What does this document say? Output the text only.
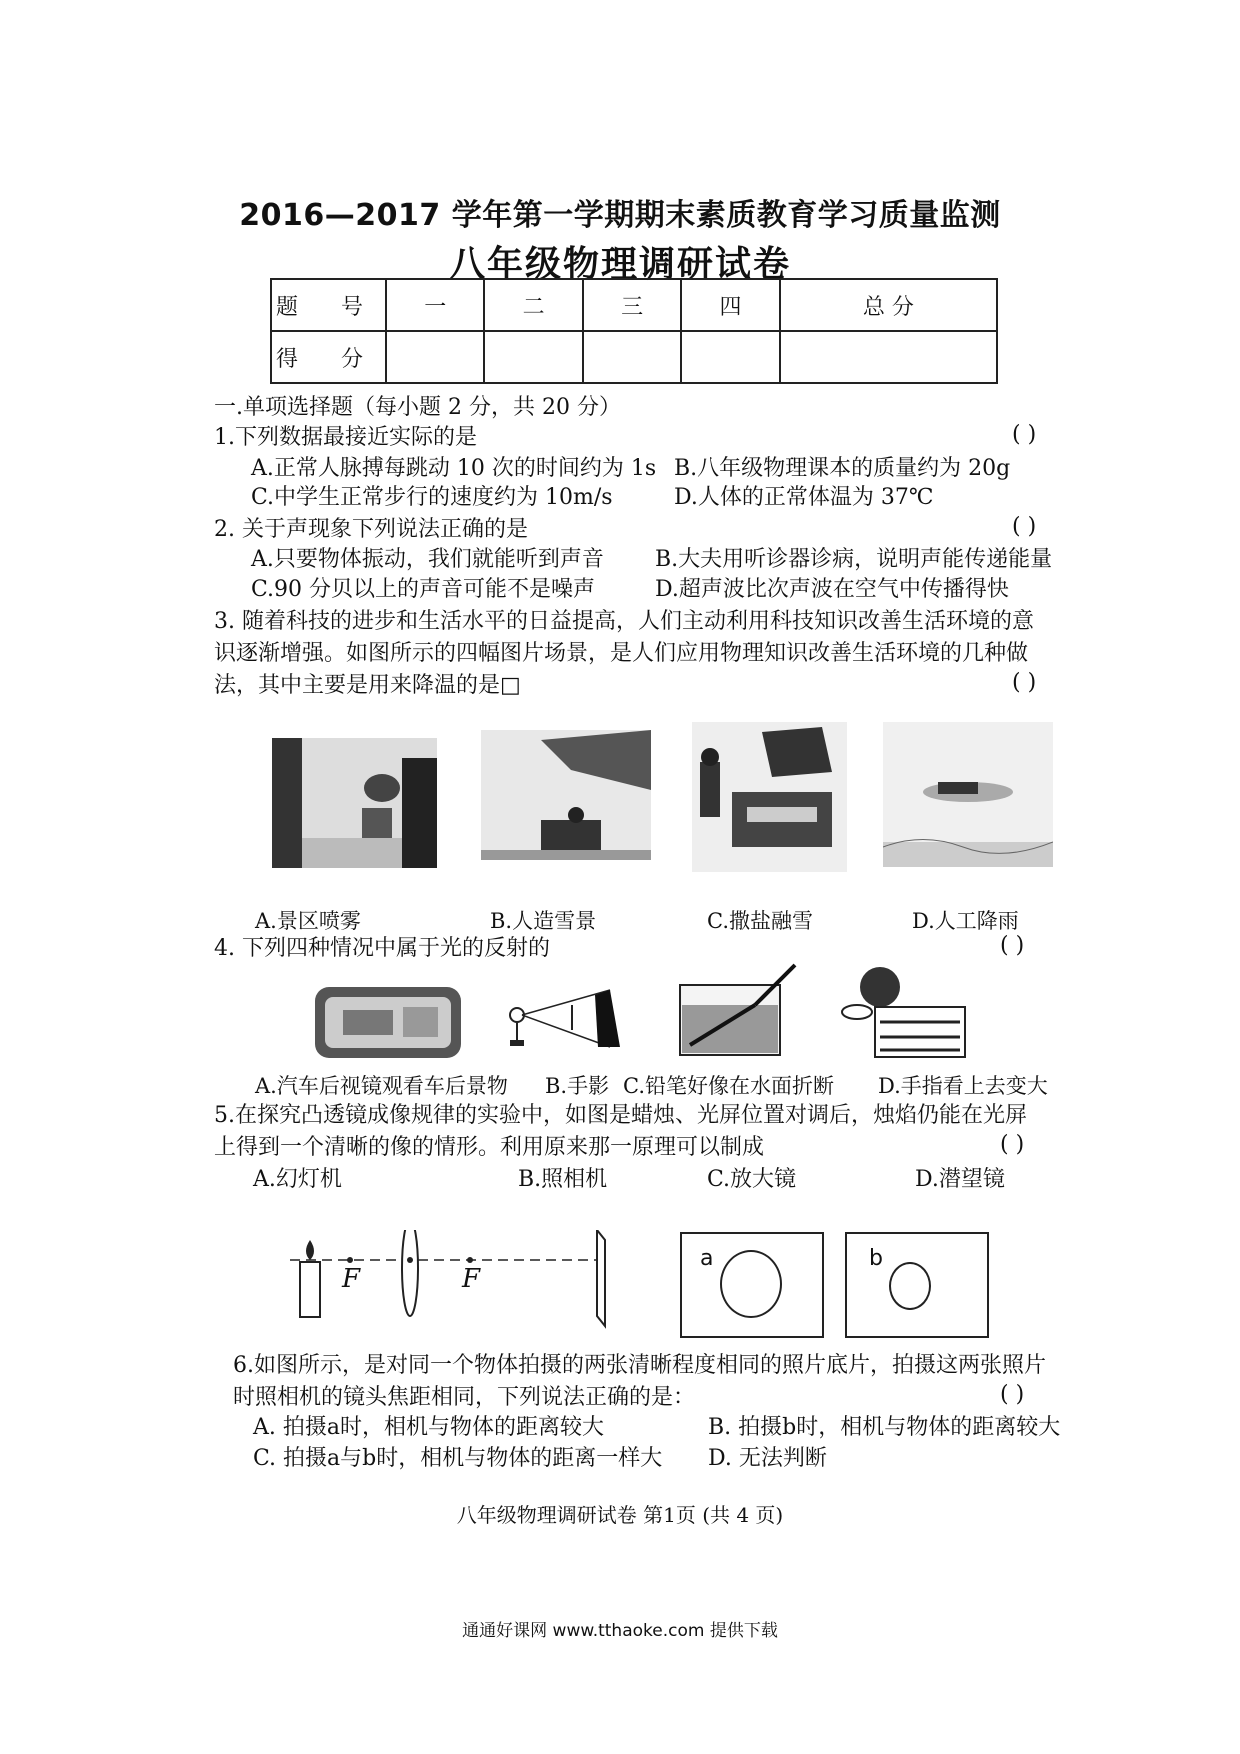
2016—2017 学年第一学期期末素质教育学习质量监测
八年级物理调研试卷
题 号	一	二	三	四	总 分
得 分					
一.单项选择题（每小题 2 分，共 20 分）
1.下列数据最接近实际的是	( )
A.正常人脉搏每跳动 10 次的时间约为 1s B.八年级物理课本的质量约为 20g
C.中学生正常步行的速度约为 10m/s	D.人体的正常体温为 37℃
2. 关于声现象下列说法正确的是	( )
A.只要物体振动，我们就能听到声音 B.大夫用听诊器诊病，说明声能传递能量
C.90 分贝以上的声音可能不是噪声	D.超声波比次声波在空气中传播得快
3. 随着科技的进步和生活水平的日益提高，人们主动利用科技知识改善生活环境的意
识逐渐增强。如图所示的四幅图片场景，是人们应用物理知识改善生活环境的几种做
法，其中主要是用来降温的是□	( )
A.景区喷雾	B.人造雪景	C.撒盐融雪	D.人工降雨
4. 下列四种情况中属于光的反射的	( )
A.汽车后视镜观看车后景物 B.手影 C.铅笔好像在水面折断 D.手指看上去变大
5.在探究凸透镜成像规律的实验中，如图是蜡烛、光屏位置对调后，烛焰仍能在光屏
上得到一个清晰的像的情形。利用原来那一原理可以制成	( )
A.幻灯机	B.照相机	C.放大镜	D.潜望镜
F	F
a	b
6.如图所示，是对同一个物体拍摄的两张清晰程度相同的照片底片，拍摄这两张照片
时照相机的镜头焦距相同，下列说法正确的是：	( )
A. 拍摄a时，相机与物体的距离较大	B. 拍摄b时，相机与物体的距离较大
C. 拍摄a与b时，相机与物体的距离一样大 D. 无法判断
八年级物理调研试卷 第1页 (共 4 页)
通通好课网 www.tthaoke.com 提供下载
